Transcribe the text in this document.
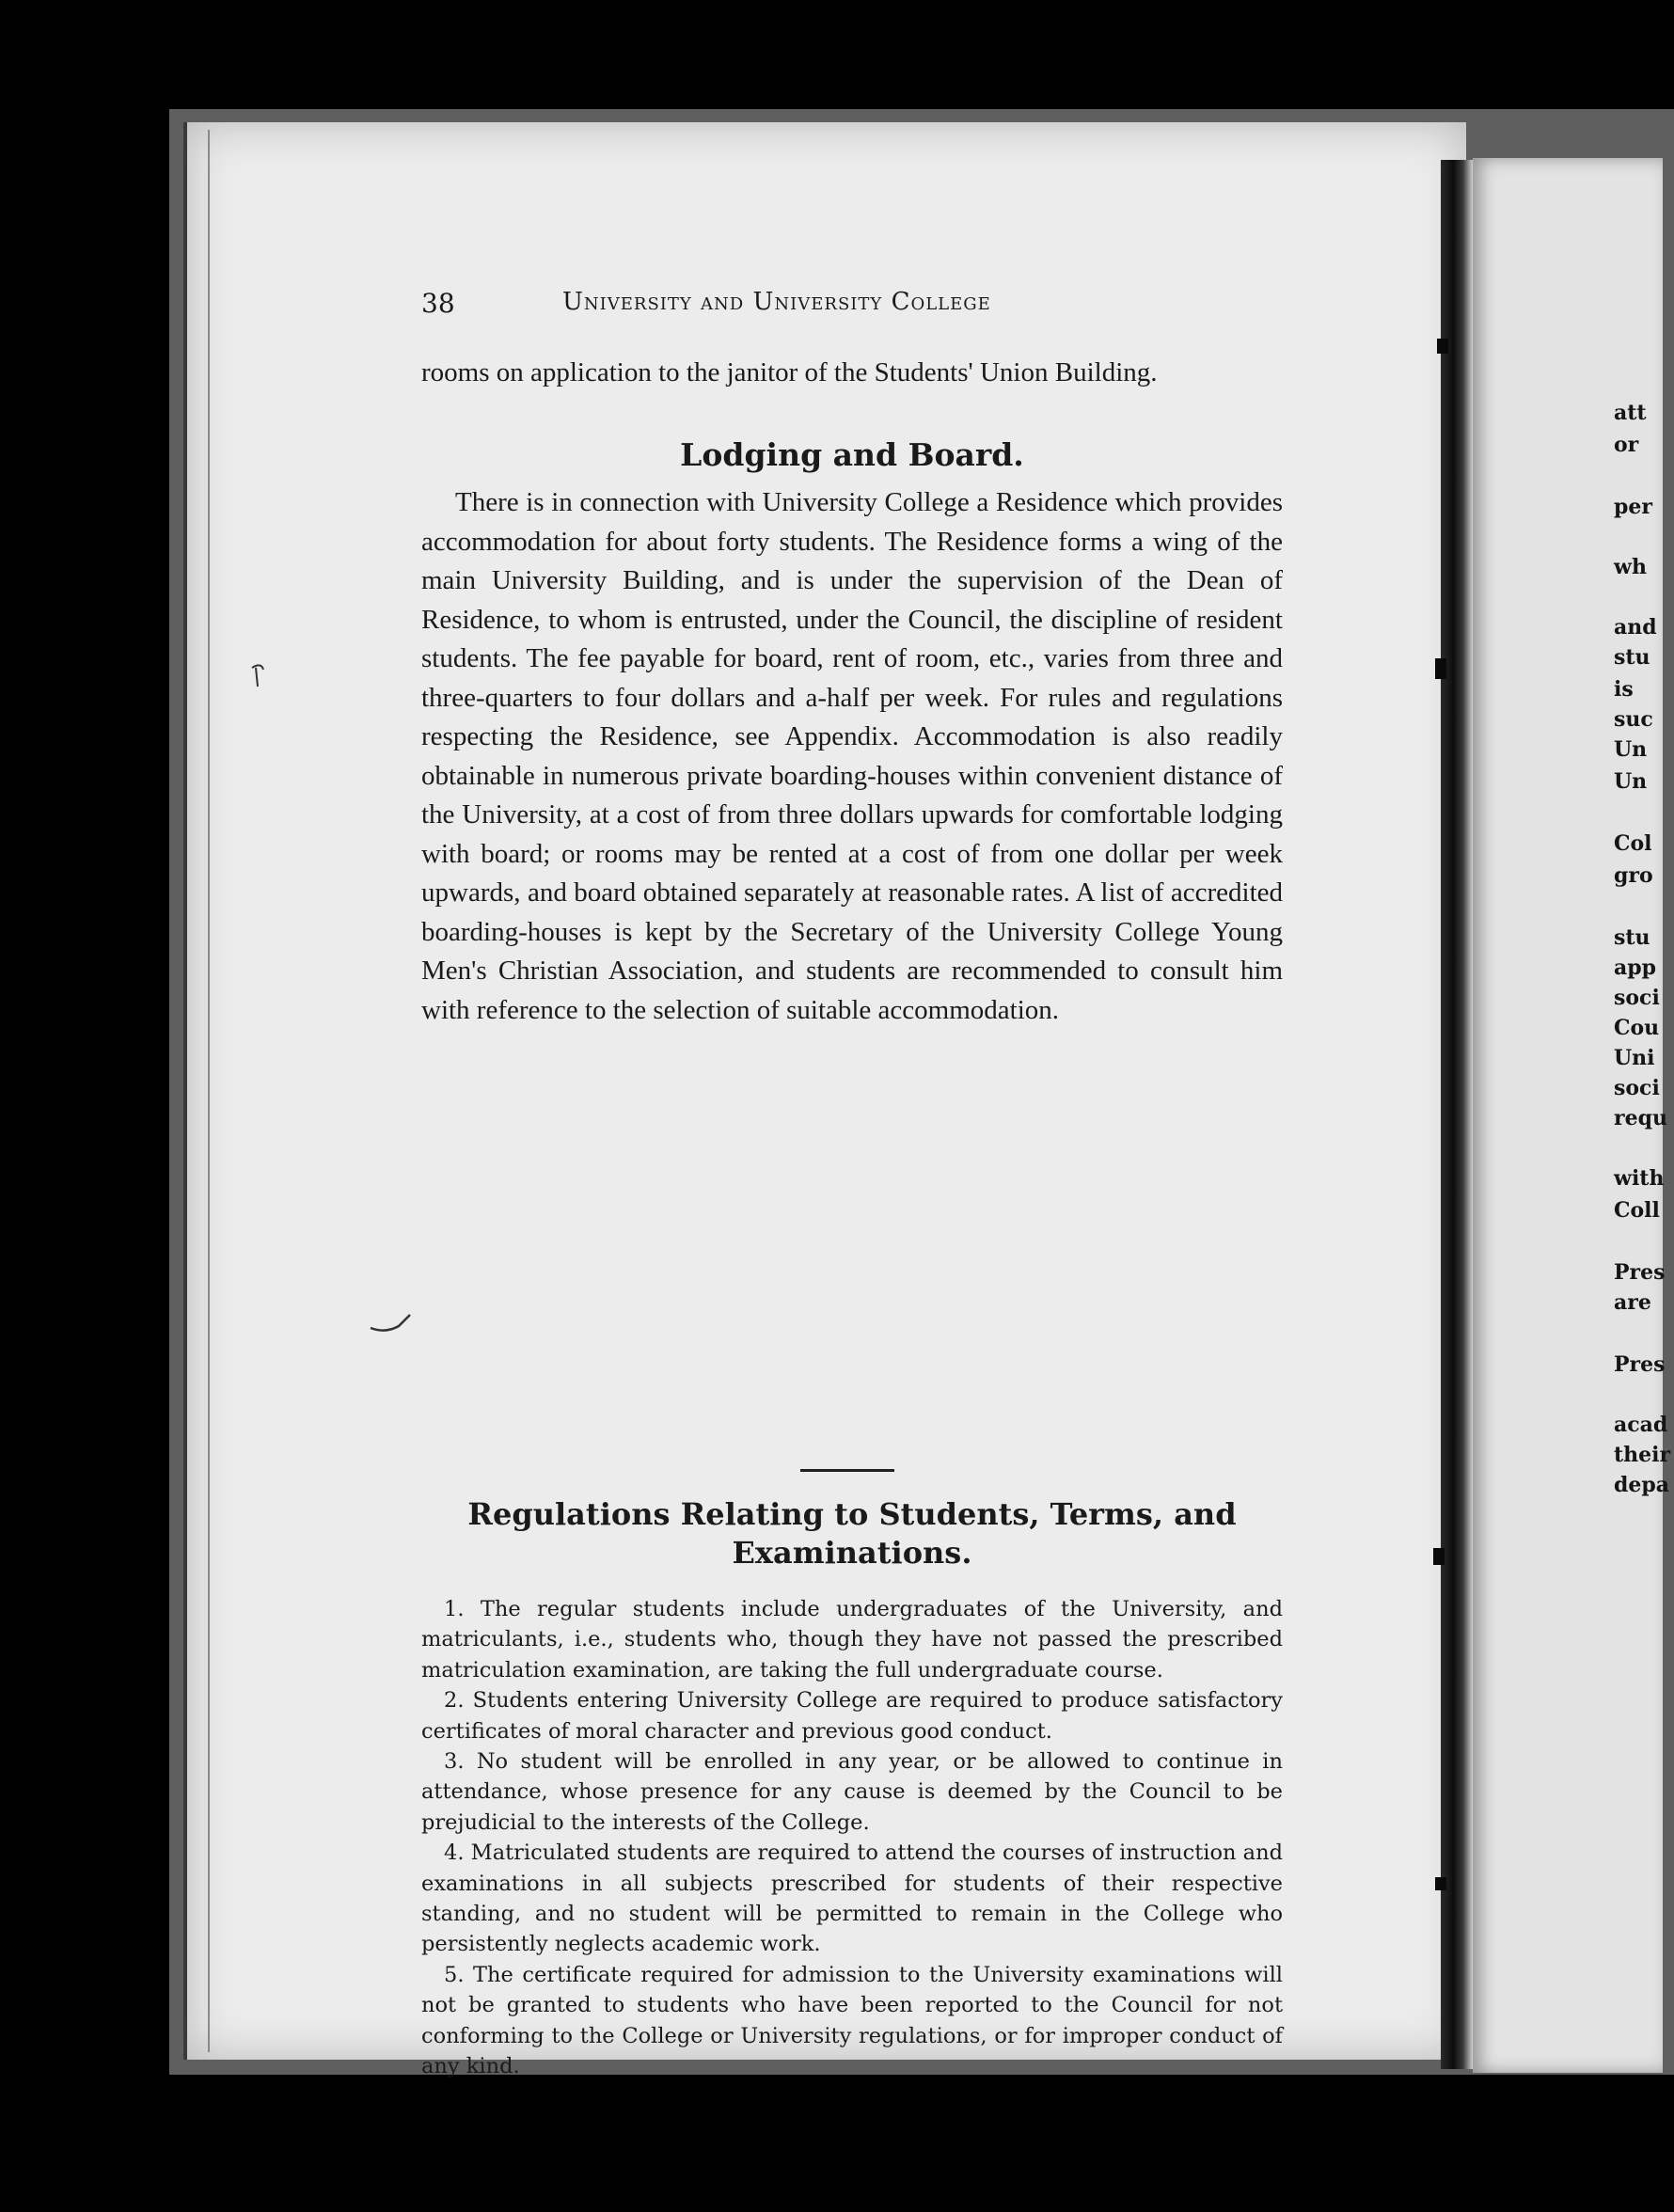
att
or
per
wh
and
stu
is
suc
Un
Un
Col
gro
stu
app
soci
Cou
Uni
soci
requ
with
Coll
Pres
are
Pres
acad
their
depa
38	University and University College

rooms on application to the janitor of the Students' Union Building.

Lodging and Board.

There is in connection with University College a Residence which provides accommodation for about forty students. The Residence forms a wing of the main University Building, and is under the supervision of the Dean of Residence, to whom is entrusted, under the Council, the discipline of resident students. The fee payable for board, rent of room, etc., varies from three and three-quarters to four dollars and a-half per week. For rules and regulations respecting the Residence, see Appendix. Accommodation is also readily obtainable in numerous private boarding-houses within convenient distance of the University, at a cost of from three dollars upwards for comfortable lodging with board; or rooms may be rented at a cost of from one dollar per week upwards, and board obtained separately at reasonable rates. A list of accredited boarding-houses is kept by the Secretary of the University College Young Men's Christian Association, and students are recommended to consult him with reference to the selection of suitable accommodation.

Regulations Relating to Students, Terms, and
Examinations.

1. The regular students include undergraduates of the University, and matriculants, i.e., students who, though they have not passed the prescribed matriculation examination, are taking the full undergraduate course.

2. Students entering University College are required to produce satisfactory certificates of moral character and previous good conduct.

3. No student will be enrolled in any year, or be allowed to continue in attendance, whose presence for any cause is deemed by the Council to be prejudicial to the interests of the College.

4. Matriculated students are required to attend the courses of instruction and examinations in all subjects prescribed for students of their respective standing, and no student will be permitted to remain in the College who persistently neglects academic work.

5. The certificate required for admission to the University examinations will not be granted to students who have been reported to the Council for not conforming to the College or University regulations, or for improper conduct of any kind.
